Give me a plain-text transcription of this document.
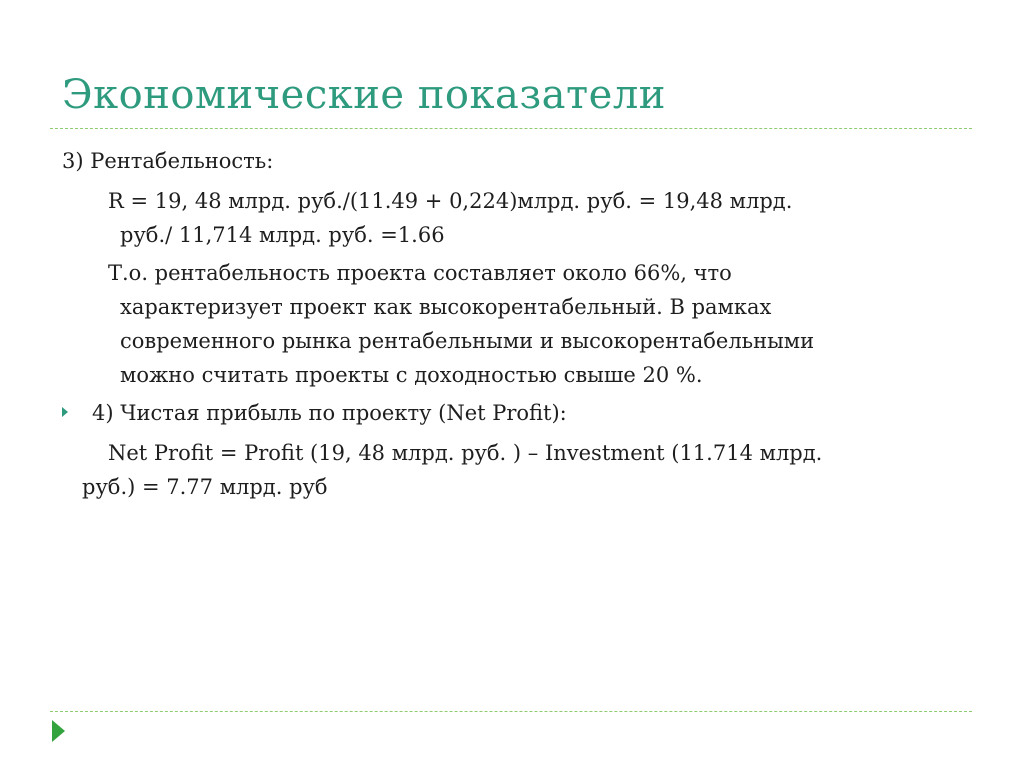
Экономические показатели
3) Рентабельность:
R = 19, 48 млрд. руб./(11.49 + 0,224)млрд. руб. = 19,48 млрд.
руб./ 11,714 млрд. руб. =1.66
Т.о. рентабельность проекта составляет около 66%, что
характеризует проект как высокорентабельный. В рамках
современного рынка рентабельными и высокорентабельными
можно считать проекты с доходностью свыше 20 %.
4) Чистая прибыль по проекту (Net Profit):
Net Profit = Profit (19, 48 млрд. руб. ) – Investment (11.714 млрд.
руб.) = 7.77 млрд. руб
